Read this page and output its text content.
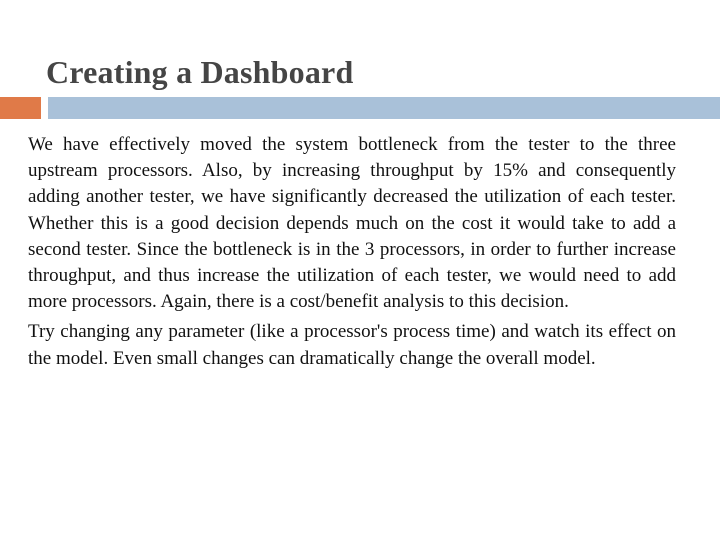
Creating a Dashboard

We have effectively moved the system bottleneck from the tester to the three upstream processors. Also, by increasing throughput by 15% and consequently adding another tester, we have significantly decreased the utilization of each tester. Whether this is a good decision depends much on the cost it would take to add a second tester. Since the bottleneck is in the 3 processors, in order to further increase throughput, and thus increase the utilization of each tester, we would need to add more processors. Again, there is a cost/benefit analysis to this decision.

Try changing any parameter (like a processor's process time) and watch its effect on the model. Even small changes can dramatically change the overall model.
